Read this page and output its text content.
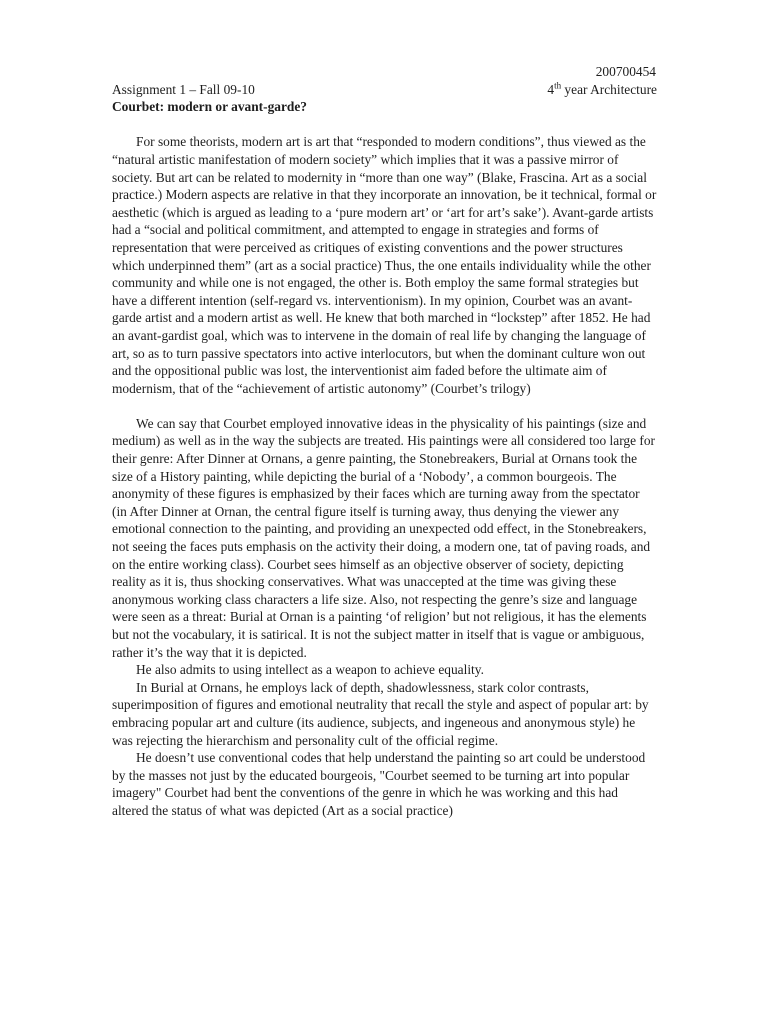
200700454
Assignment 1 – Fall 09-10	4th year Architecture
Courbet: modern or avant-garde?

For some theorists, modern art is art that “responded to modern conditions”, thus viewed as the “natural artistic manifestation of modern society” which implies that it was a passive mirror of society. But art can be related to modernity in “more than one way” (Blake, Frascina. Art as a social practice.) Modern aspects are relative in that they incorporate an innovation, be it technical, formal or aesthetic (which is argued as leading to a ‘pure modern art’ or ‘art for art’s sake’). Avant-garde artists had a “social and political commitment, and attempted to engage in strategies and forms of representation that were perceived as critiques of existing conventions and the power structures which underpinned them” (art as a social practice) Thus, the one entails individuality while the other community and while one is not engaged, the other is. Both employ the same formal strategies but have a different intention (self-regard vs. interventionism). In my opinion, Courbet was an avant-garde artist and a modern artist as well. He knew that both marched in “lockstep” after 1852. He had an avant-gardist goal, which was to intervene in the domain of real life by changing the language of art, so as to turn passive spectators into active interlocutors, but when the dominant culture won out and the oppositional public was lost, the interventionist aim faded before the ultimate aim of modernism, that of the “achievement of artistic autonomy” (Courbet’s trilogy)

We can say that Courbet employed innovative ideas in the physicality of his paintings (size and medium) as well as in the way the subjects are treated. His paintings were all considered too large for their genre: After Dinner at Ornans, a genre painting, the Stonebreakers, Burial at Ornans took the size of a History painting, while depicting the burial of a ‘Nobody’, a common bourgeois. The anonymity of these figures is emphasized by their faces which are turning away from the spectator (in After Dinner at Ornan, the central figure itself is turning away, thus denying the viewer any emotional connection to the painting, and providing an unexpected odd effect, in the Stonebreakers, not seeing the faces puts emphasis on the activity their doing, a modern one, tat of paving roads, and on the entire working class). Courbet sees himself as an objective observer of society, depicting reality as it is, thus shocking conservatives. What was unaccepted at the time was giving these anonymous working class characters a life size. Also, not respecting the genre’s size and language were seen as a threat: Burial at Ornan is a painting ‘of religion’ but not religious, it has the elements but not the vocabulary, it is satirical. It is not the subject matter in itself that is vague or ambiguous, rather it’s the way that it is depicted.

He also admits to using intellect as a weapon to achieve equality.

In Burial at Ornans, he employs lack of depth, shadowlessness, stark color contrasts, superimposition of figures and emotional neutrality that recall the style and aspect of popular art: by embracing popular art and culture (its audience, subjects, and ingeneous and anonymous style) he was rejecting the hierarchism and personality cult of the official regime.

He doesn’t use conventional codes that help understand the painting so art could be understood by the masses not just by the educated bourgeois, "Courbet seemed to be turning art into popular imagery" Courbet had bent the conventions of the genre in which he was working and this had altered the status of what was depicted (Art as a social practice)
